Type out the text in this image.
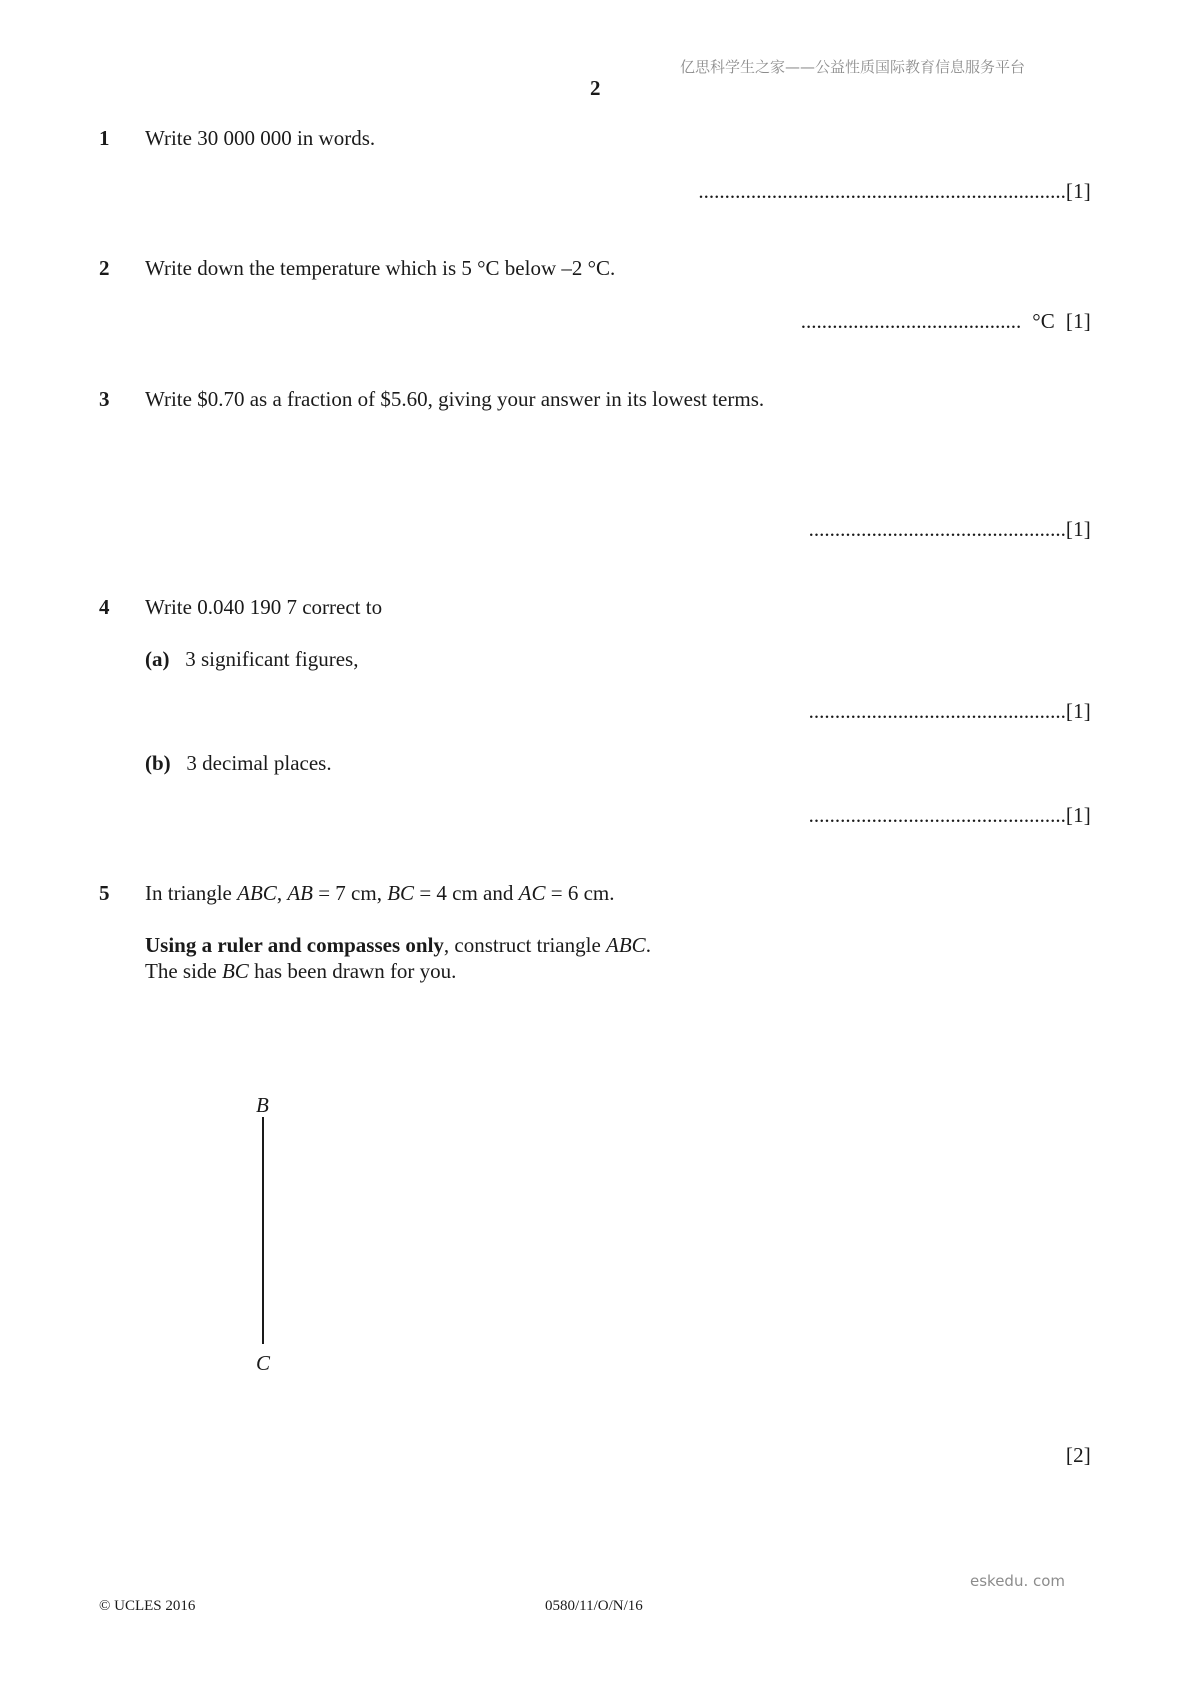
亿思科学生之家——公益性质国际教育信息服务平台
2
1 Write 30 000 000 in words.
......................................................................[1]
2 Write down the temperature which is 5 °C below –2 °C.
.......................................... °C [1]
3 Write $0.70 as a fraction of $5.60, giving your answer in its lowest terms.
.................................................[1]
4 Write 0.040 190 7 correct to
(a) 3 significant figures,
.................................................[1]
(b) 3 decimal places.
.................................................[1]
5 In triangle ABC, AB = 7 cm, BC = 4 cm and AC = 6 cm.
Using a ruler and compasses only, construct triangle ABC.
The side BC has been drawn for you.
B
C
[2]
eskedu. com
© UCLES 2016	0580/11/O/N/16
